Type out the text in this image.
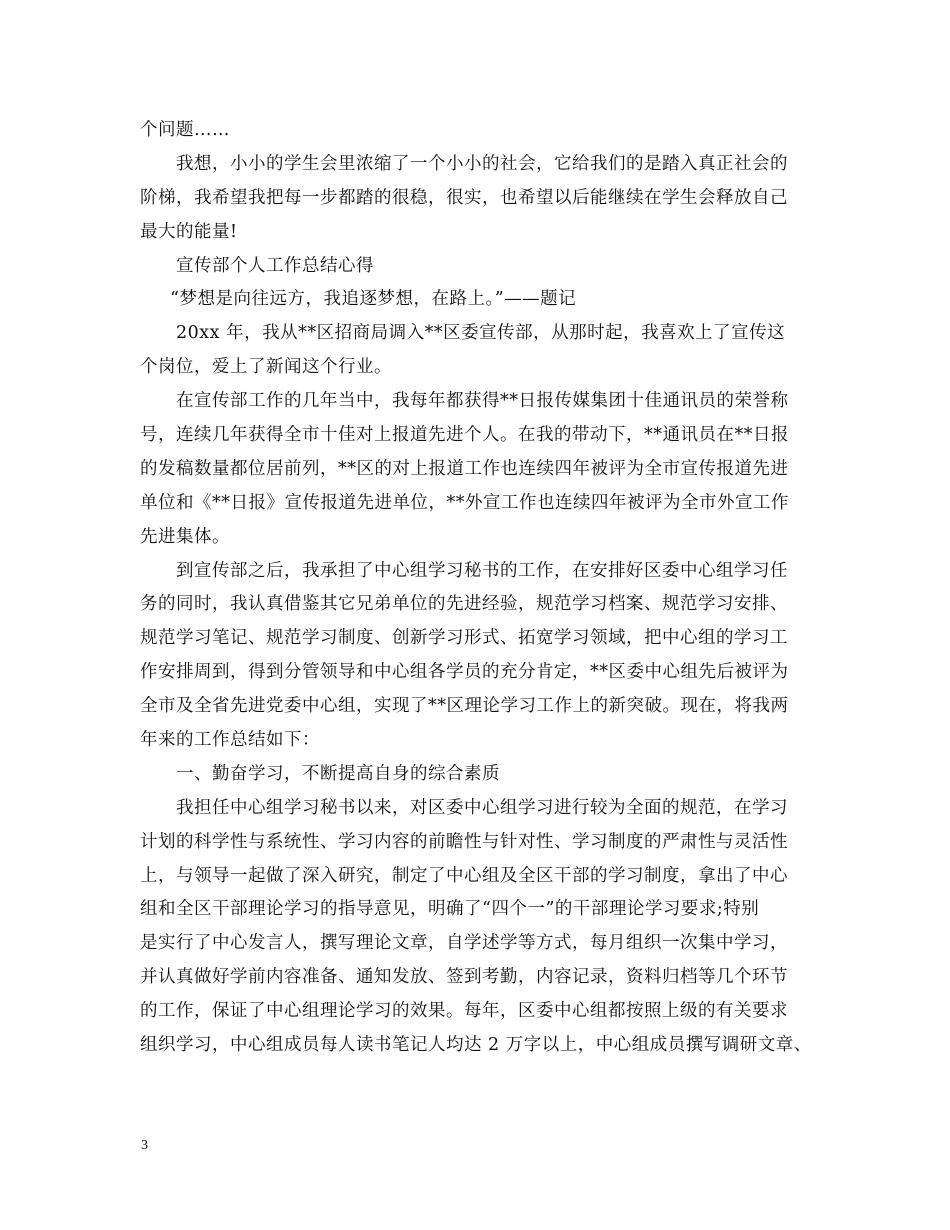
个问题……
我想，小小的学生会里浓缩了一个小小的社会，它给我们的是踏入真正社会的
阶梯，我希望我把每一步都踏的很稳，很实，也希望以后能继续在学生会释放自己
最大的能量!
宣传部个人工作总结心得
“梦想是向往远方，我追逐梦想，在路上。”——题记
20xx 年，我从**区招商局调入**区委宣传部，从那时起，我喜欢上了宣传这
个岗位，爱上了新闻这个行业。
在宣传部工作的几年当中，我每年都获得**日报传媒集团十佳通讯员的荣誉称
号，连续几年获得全市十佳对上报道先进个人。在我的带动下，**通讯员在**日报
的发稿数量都位居前列，**区的对上报道工作也连续四年被评为全市宣传报道先进
单位和《**日报》宣传报道先进单位，**外宣工作也连续四年被评为全市外宣工作
先进集体。
到宣传部之后，我承担了中心组学习秘书的工作，在安排好区委中心组学习任
务的同时，我认真借鉴其它兄弟单位的先进经验，规范学习档案、规范学习安排、
规范学习笔记、规范学习制度、创新学习形式、拓宽学习领域，把中心组的学习工
作安排周到，得到分管领导和中心组各学员的充分肯定，**区委中心组先后被评为
全市及全省先进党委中心组，实现了**区理论学习工作上的新突破。现在，将我两
年来的工作总结如下：
一、勤奋学习，不断提高自身的综合素质
我担任中心组学习秘书以来，对区委中心组学习进行较为全面的规范，在学习
计划的科学性与系统性、学习内容的前瞻性与针对性、学习制度的严肃性与灵活性
上，与领导一起做了深入研究，制定了中心组及全区干部的学习制度，拿出了中心
组和全区干部理论学习的指导意见，明确了“四个一”的干部理论学习要求;特别
是实行了中心发言人，撰写理论文章，自学述学等方式，每月组织一次集中学习，
并认真做好学前内容准备、通知发放、签到考勤，内容记录，资料归档等几个环节
的工作，保证了中心组理论学习的效果。每年，区委中心组都按照上级的有关要求
组织学习，中心组成员每人读书笔记人均达 2 万字以上，中心组成员撰写调研文章、
3
